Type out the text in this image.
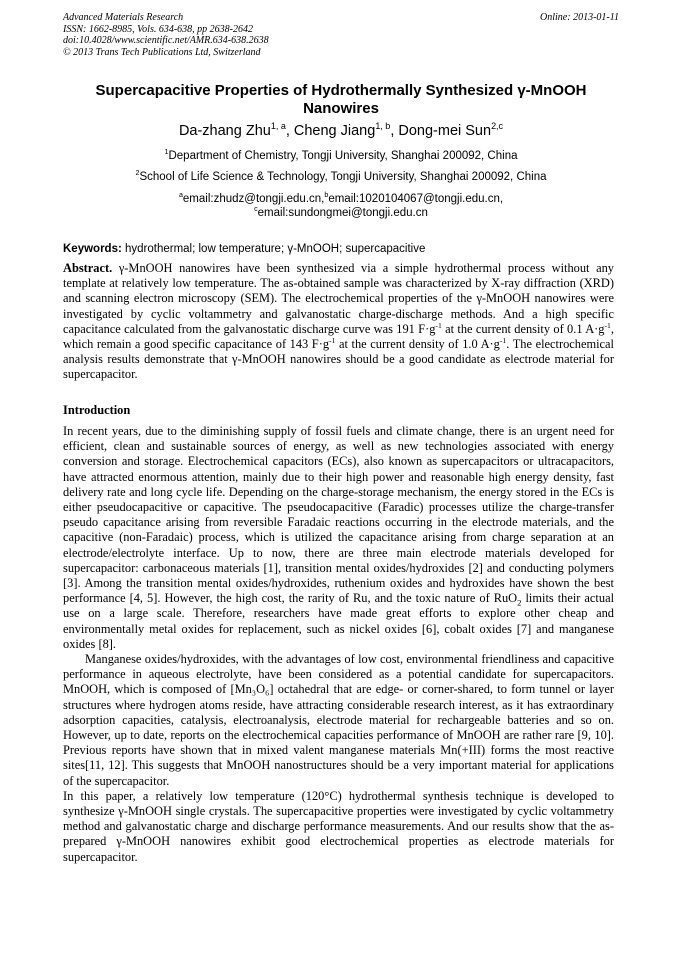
Advanced Materials Research
ISSN: 1662-8985, Vols. 634-638, pp 2638-2642
doi:10.4028/www.scientific.net/AMR.634-638.2638
© 2013 Trans Tech Publications Ltd, Switzerland
Online: 2013-01-11
Supercapacitive Properties of Hydrothermally Synthesized γ-MnOOH
Nanowires
Da-zhang Zhu$^{1, a}$, Cheng Jiang$^{1, b}$, Dong-mei Sun$^{2,c}$
$^1$Department of Chemistry, Tongji University, Shanghai 200092, China
$^2$School of Life Science & Technology, Tongji University, Shanghai 200092, China
$^a$email:zhudz@tongji.edu.cn,$^b$email:1020104067@tongji.edu.cn,
$^c$email:sundongmei@tongji.edu.cn
Keywords: hydrothermal; low temperature; γ-MnOOH; supercapacitive

Abstract. γ-MnOOH nanowires have been synthesized via a simple hydrothermal process without any template at relatively low temperature. The as-obtained sample was characterized by X-ray diffraction (XRD) and scanning electron microscopy (SEM). The electrochemical properties of the γ-MnOOH nanowires were investigated by cyclic voltammetry and galvanostatic charge-discharge methods. And a high specific capacitance calculated from the galvanostatic discharge curve was 191 $F\cdot g^{-1}$ at the current density of 0.1 $A\cdot g^{-1}$, which remain a good specific capacitance of 143 $F\cdot g^{-1}$ at the current density of 1.0 $A\cdot g^{-1}$. The electrochemical analysis results demonstrate that γ-MnOOH nanowires should be a good candidate as electrode material for supercapacitor.

Introduction

In recent years, due to the diminishing supply of fossil fuels and climate change, there is an urgent need for efficient, clean and sustainable sources of energy, as well as new technologies associated with energy conversion and storage. Electrochemical capacitors (ECs), also known as supercapacitors or ultracapacitors, have attracted enormous attention, mainly due to their high power and reasonable high energy density, fast delivery rate and long cycle life. Depending on the charge-storage mechanism, the energy stored in the ECs is either pseudocapacitive or capacitive. The pseudocapacitive (Faradic) processes utilize the charge-transfer pseudo capacitance arising from reversible Faradaic reactions occurring in the electrode materials, and the capacitive (non-Faradaic) process, which is utilized the capacitance arising from charge separation at an electrode/electrolyte interface. Up to now, there are three main electrode materials developed for supercapacitor: carbonaceous materials [1], transition mental oxides/hydroxides [2] and conducting polymers [3]. Among the transition mental oxides/hydroxides, ruthenium oxides and hydroxides have shown the best performance [4, 5]. However, the high cost, the rarity of Ru, and the toxic nature of RuO$_2$ limits their actual use on a large scale. Therefore, researchers have made great efforts to explore other cheap and environmentally metal oxides for replacement, such as nickel oxides [6], cobalt oxides [7] and manganese oxides [8].

Manganese oxides/hydroxides, with the advantages of low cost, environmental friendliness and capacitive performance in aqueous electrolyte, have been considered as a potential candidate for supercapacitors. MnOOH, which is composed of [Mn₃O₆] octahedral that are edge- or corner-shared, to form tunnel or layer structures where hydrogen atoms reside, have attracting considerable research interest, as it has extraordinary adsorption capacities, catalysis, electroanalysis, electrode material for rechargeable batteries and so on. However, up to date, reports on the electrochemical capacities performance of MnOOH are rather rare [9, 10]. Previous reports have shown that in mixed valent manganese materials Mn(+III) forms the most reactive sites[11, 12]. This suggests that MnOOH nanostructures should be a very important material for applications of the supercapacitor.

In this paper, a relatively low temperature (120°C) hydrothermal synthesis technique is developed to synthesize γ-MnOOH single crystals. The supercapacitive properties were investigated by cyclic voltammetry method and galvanostatic charge and discharge performance measurements. And our results show that the as-prepared γ-MnOOH nanowires exhibit good electrochemical properties as electrode materials for supercapacitor.
